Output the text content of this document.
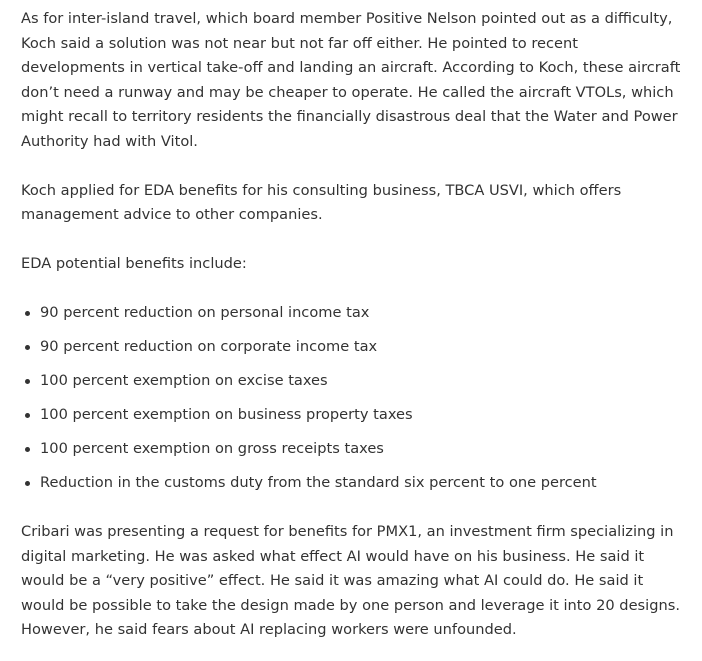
As for inter-island travel, which board member Positive Nelson pointed out as a difficulty, Koch said a solution was not near but not far off either. He pointed to recent developments in vertical take-off and landing an aircraft. According to Koch, these aircraft don’t need a runway and may be cheaper to operate. He called the aircraft VTOLs, which might recall to territory residents the financially disastrous deal that the Water and Power Authority had with Vitol.

Koch applied for EDA benefits for his consulting business, TBCA USVI, which offers management advice to other companies.

EDA potential benefits include:

90 percent reduction on personal income tax
90 percent reduction on corporate income tax
100 percent exemption on excise taxes
100 percent exemption on business property taxes
100 percent exemption on gross receipts taxes
Reduction in the customs duty from the standard six percent to one percent

Cribari was presenting a request for benefits for PMX1, an investment firm specializing in digital marketing. He was asked what effect AI would have on his business. He said it would be a “very positive” effect. He said it was amazing what AI could do. He said it would be possible to take the design made by one person and leverage it into 20 designs. However, he said fears about AI replacing workers were unfounded.
